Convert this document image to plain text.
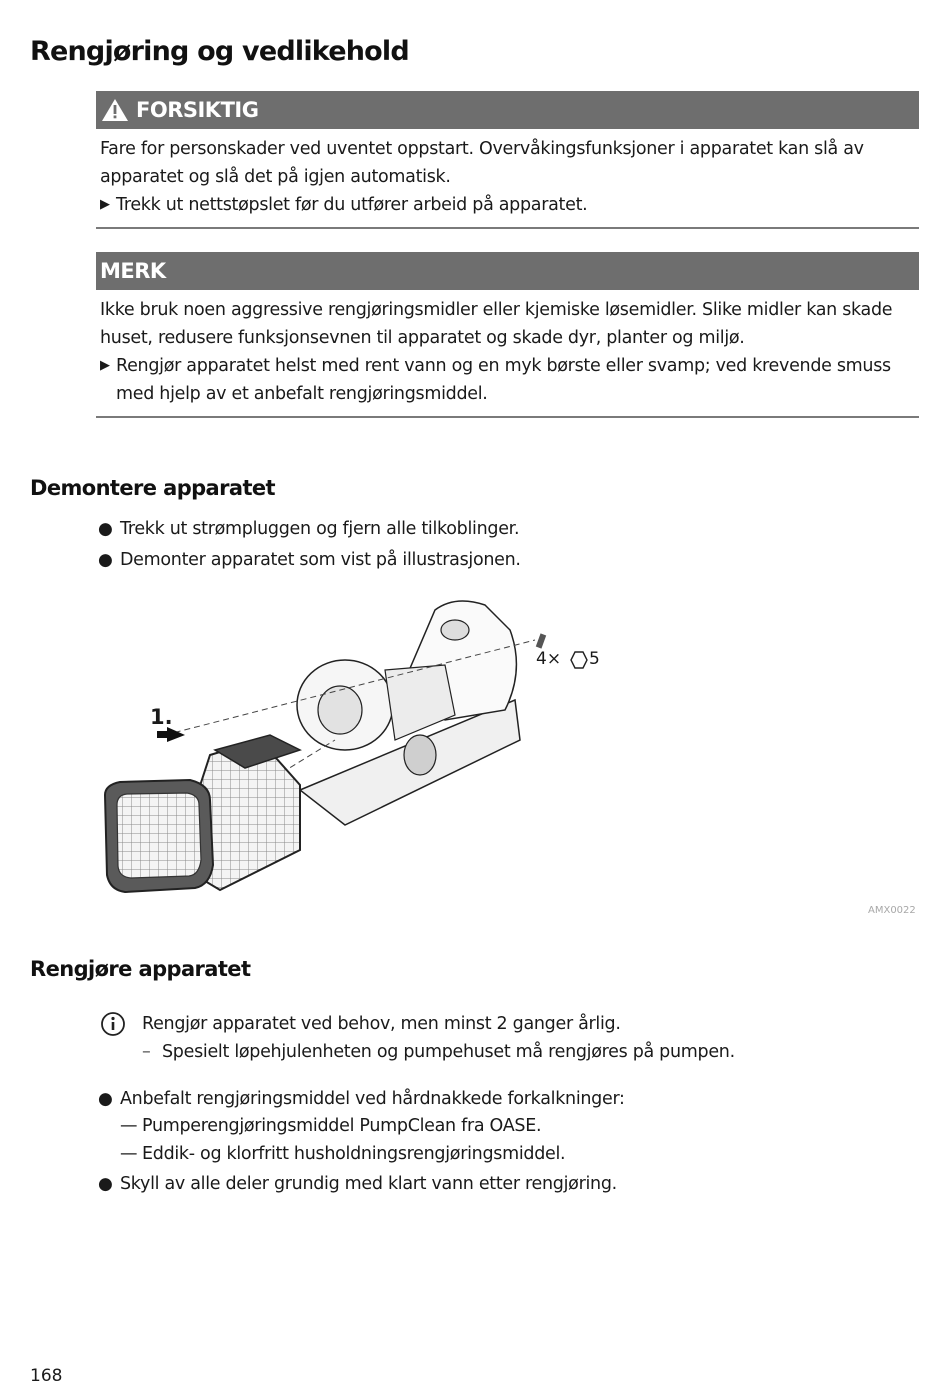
Rengjøring og vedlikehold
FORSIKTIG
Fare for personskader ved uventet oppstart. Overvåkingsfunksjoner i apparatet kan slå av apparatet og slå det på igjen automatisk.
▶ Trekk ut nettstøpslet før du utfører arbeid på apparatet.
MERK
Ikke bruk noen aggressive rengjøringsmidler eller kjemiske løsemidler. Slike midler kan skade huset, redusere funksjonsevnen til apparatet og skade dyr, planter og miljø.
▶ Rengjør apparatet helst med rent vann og en myk børste eller svamp; ved krevende smuss med hjelp av et anbefalt rengjøringsmiddel.
Demontere apparatet
● Trekk ut strømpluggen og fjern alle tilkoblinger.
● Demonter apparatet som vist på illustrasjonen.
1.
4× 5
AMX0022
Rengjøre apparatet
Rengjør apparatet ved behov, men minst 2 ganger årlig.
– Spesielt løpehjulenheten og pumpehuset må rengjøres på pumpen.
● Anbefalt rengjøringsmiddel ved hårdnakkede forkalkninger:
— Pumperengjøringsmiddel PumpClean fra OASE.
— Eddik- og klorfritt husholdningsrengjøringsmiddel.
● Skyll av alle deler grundig med klart vann etter rengjøring.
168
